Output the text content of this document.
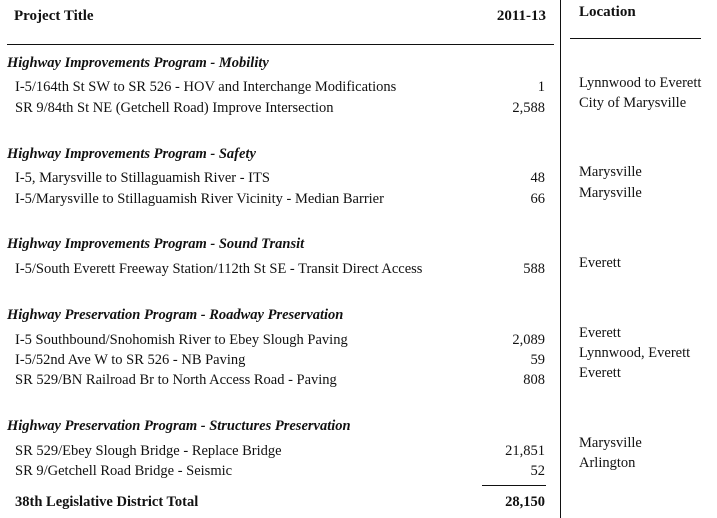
Project Title	2011-13 Location
Highway Improvements Program - Mobility
I-5/164th St SW to SR 526 - HOV and Interchange Modifications	1 Lynnwood to Everett
SR 9/84th St NE (Getchell Road) Improve Intersection	2,588 City of Marysville
Highway Improvements Program - Safety
I-5, Marysville to Stillaguamish River - ITS	48 Marysville
I-5/Marysville to Stillaguamish River Vicinity - Median Barrier	66 Marysville
Highway Improvements Program - Sound Transit
I-5/South Everett Freeway Station/112th St SE - Transit Direct Access	588 Everett
Highway Preservation Program - Roadway Preservation
I-5 Southbound/Snohomish River to Ebey Slough Paving	2,089 Everett
I-5/52nd Ave W to SR 526 - NB Paving	59 Lynnwood, Everett
SR 529/BN Railroad Br to North Access Road - Paving	808 Everett
Highway Preservation Program - Structures Preservation
SR 529/Ebey Slough Bridge - Replace Bridge	21,851 Marysville
SR 9/Getchell Road Bridge - Seismic	52 Arlington
38th Legislative District Total	28,150
